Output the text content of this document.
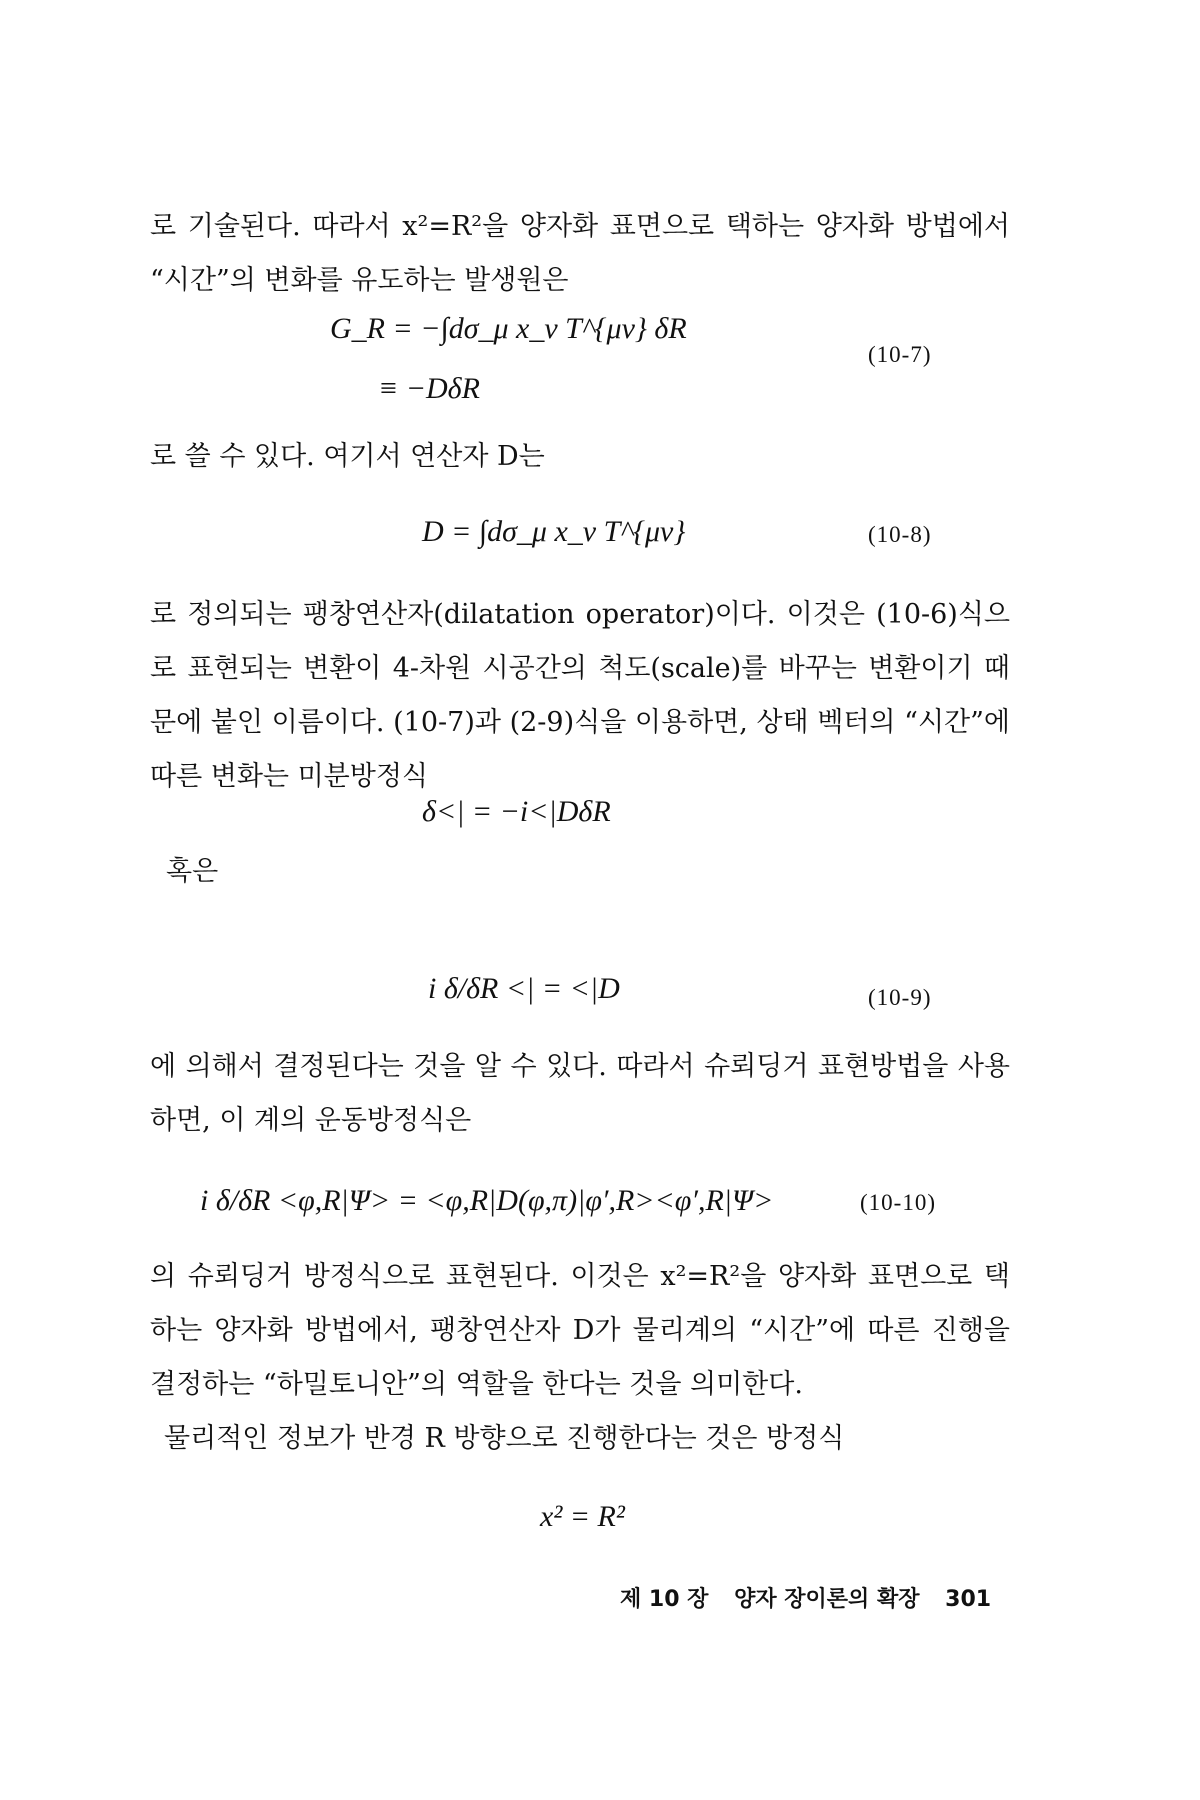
로 기술된다. 따라서 x²=R²을 양자화 표면으로 택하는 양자화 방법에서 “시간”의 변화를 유도하는 발생원은

G_R = −∫dσ_μ x_ν T^{μν} δR
≡ −DδR
(10-7)

로 쓸 수 있다. 여기서 연산자 D는

D = ∫dσ_μ x_ν T^{μν}	(10-8)

로 정의되는 팽창연산자(dilatation operator)이다. 이것은 (10-6)식으로 표현되는 변환이 4-차원 시공간의 척도(scale)를 바꾸는 변환이기 때문에 붙인 이름이다. (10-7)과 (2-9)식을 이용하면, 상태 벡터의 “시간”에 따른 변화는 미분방정식

δ<| = −i<|DδR

혹은

i δ/δR <| = <|D	(10-9)

에 의해서 결정된다는 것을 알 수 있다. 따라서 슈뢰딩거 표현방법을 사용하면, 이 계의 운동방정식은

i δ/δR <φ,R|Ψ> = <φ,R|D(φ,π)|φ′,R><φ′,R|Ψ>	(10-10)

의 슈뢰딩거 방정식으로 표현된다. 이것은 x²=R²을 양자화 표면으로 택하는 양자화 방법에서, 팽창연산자 D가 물리계의 “시간”에 따른 진행을 결정하는 “하밀토니안”의 역할을 한다는 것을 의미한다.

물리적인 정보가 반경 R 방향으로 진행한다는 것은 방정식

x² = R²
제 10 장 양자 장이론의 확장 301
